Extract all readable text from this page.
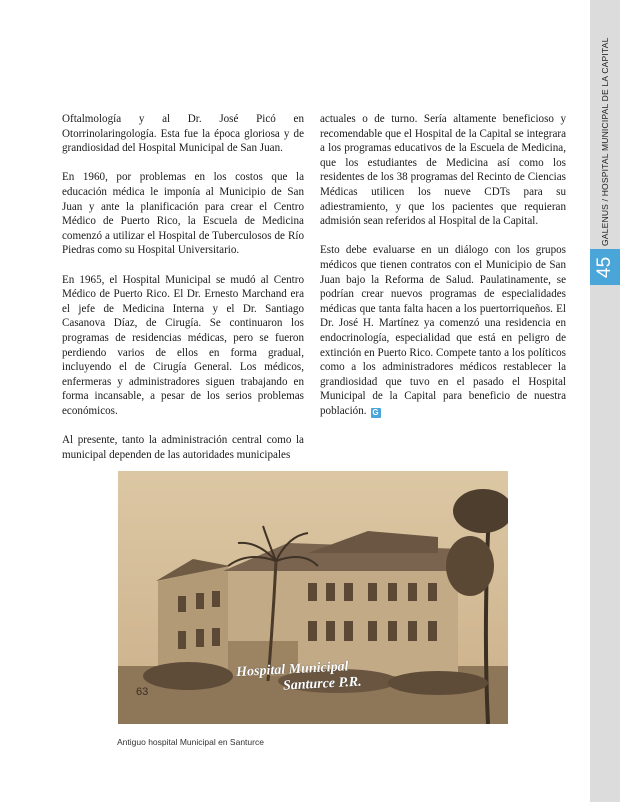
GALENUS / HOSPITAL MUNICIPAL DE LA CAPITAL
45

Oftalmología y al Dr. José Picó en Otorrinolaringología. Esta fue la época gloriosa y de grandiosidad del Hospital Municipal de San Juan.

En 1960, por problemas en los costos que la educación médica le imponía al Municipio de San Juan y ante la planificación para crear el Centro Médico de Puerto Rico, la Escuela de Medicina comenzó a utilizar el Hospital de Tuberculosos de Río Piedras como su Hospital Universitario.

En 1965, el Hospital Municipal se mudó al Centro Médico de Puerto Rico. El Dr. Ernesto Marchand era el jefe de Medicina Interna y el Dr. Santiago Casanova Díaz, de Cirugía. Se continuaron los programas de residencias médicas, pero se fueron perdiendo varios de ellos en forma gradual, incluyendo el de Cirugía General. Los médicos, enfermeras y administradores siguen trabajando en forma incansable, a pesar de los serios problemas económicos.

Al presente, tanto la administración central como la municipal dependen de las autoridades municipales

actuales o de turno. Sería altamente beneficioso y recomendable que el Hospital de la Capital se integrara a los programas educativos de la Escuela de Medicina, que los estudiantes de Medicina así como los residentes de los 38 programas del Recinto de Ciencias Médicas utilicen los nueve CDTs para su adiestramiento, y que los pacientes que requieran admisión sean referidos al Hospital de la Capital.

Esto debe evaluarse en un diálogo con los grupos médicos que tienen contratos con el Municipio de San Juan bajo la Reforma de Salud. Paulatinamente, se podrían crear nuevos programas de especialidades médicas que tanta falta hacen a los puertorriqueños. El Dr. José H. Martínez ya comenzó una residencia en endocrinología, especialidad que está en peligro de extinción en Puerto Rico. Compete tanto a los políticos como a los administradores médicos restablecer la grandiosidad que tuvo en el pasado el Hospital Municipal de la Capital para beneficio de nuestra población. G

63
Hospital Municipal
Santurce P.R.
Antiguo hospital Municipal en Santurce
